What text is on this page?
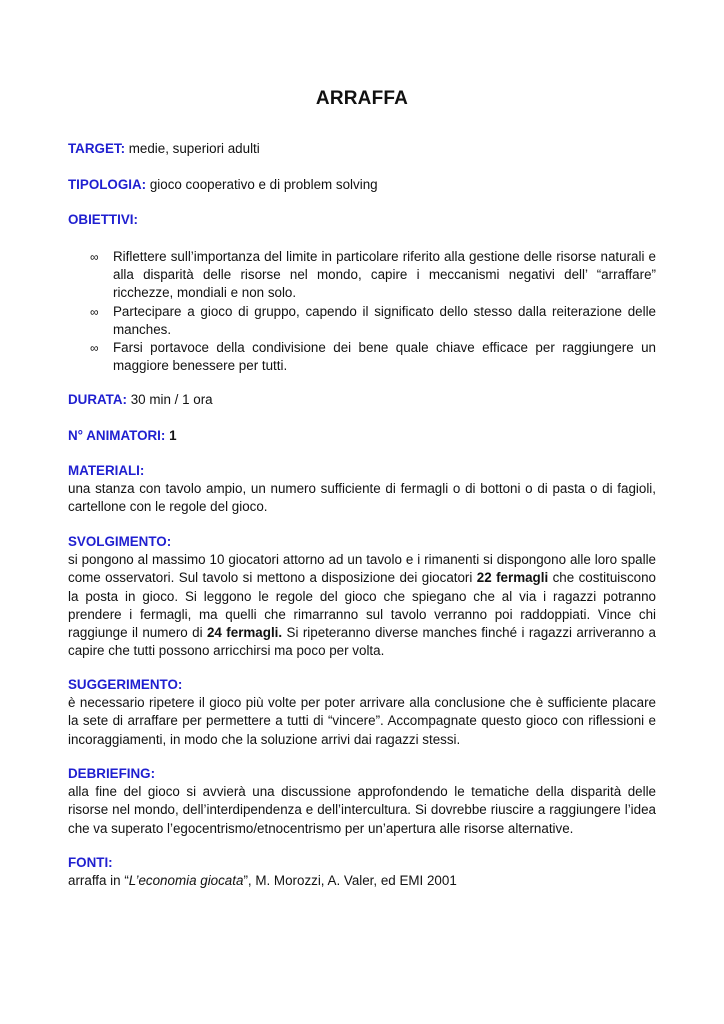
ARRAFFA
TARGET: medie, superiori adulti
TIPOLOGIA: gioco cooperativo e di problem solving
OBIETTIVI:
∞ Riflettere sull’importanza del limite in particolare riferito alla gestione delle risorse naturali e alla disparità delle risorse nel mondo, capire i meccanismi negativi dell’ “arraffare” ricchezze, mondiali e non solo.
∞ Partecipare a gioco di gruppo, capendo il significato dello stesso dalla reiterazione delle manches.
∞ Farsi portavoce della condivisione dei bene quale chiave efficace per raggiungere un maggiore benessere per tutti.
DURATA: 30 min / 1 ora
N° ANIMATORI: 1
MATERIALI:
una stanza con tavolo ampio, un numero sufficiente di fermagli o di bottoni o di pasta o di fagioli, cartellone con le regole del gioco.
SVOLGIMENTO:
si pongono al massimo 10 giocatori attorno ad un tavolo e i rimanenti si dispongono alle loro spalle come osservatori. Sul tavolo si mettono a disposizione dei giocatori 22 fermagli che costituiscono la posta in gioco. Si leggono le regole del gioco che spiegano che al via i ragazzi potranno prendere i fermagli, ma quelli che rimarranno sul tavolo verranno poi raddoppiati. Vince chi raggiunge il numero di 24 fermagli. Si ripeteranno diverse manches finché i ragazzi arriveranno a capire che tutti possono arricchirsi ma poco per volta.
SUGGERIMENTO:
è necessario ripetere il gioco più volte per poter arrivare alla conclusione che è sufficiente placare la sete di arraffare per permettere a tutti di “vincere”. Accompagnate questo gioco con riflessioni e incoraggiamenti, in modo che la soluzione arrivi dai ragazzi stessi.
DEBRIEFING:
alla fine del gioco si avvierà una discussione approfondendo le tematiche della disparità delle risorse nel mondo, dell’interdipendenza e dell’intercultura. Si dovrebbe riuscire a raggiungere l’idea che va superato l’egocentrismo/etnocentrismo per un’apertura alle risorse alternative.
FONTI:
arraffa in “L’economia giocata”, M. Morozzi, A. Valer, ed EMI 2001
